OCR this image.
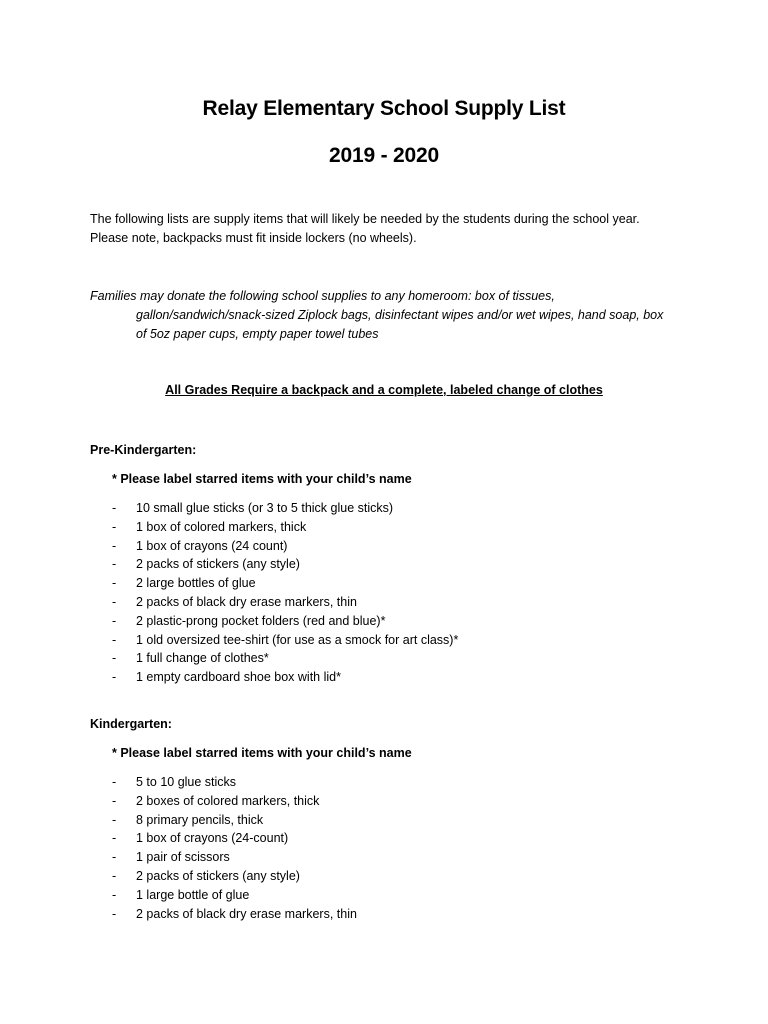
Relay Elementary School Supply List
2019 - 2020
The following lists are supply items that will likely be needed by the students during the school year.
Please note, backpacks must fit inside lockers (no wheels).
Families may donate the following school supplies to any homeroom: box of tissues,
gallon/sandwich/snack-sized Ziplock bags, disinfectant wipes and/or wet wipes, hand soap, box
of 5oz paper cups, empty paper towel tubes
All Grades Require a backpack and a complete, labeled change of clothes
Pre-Kindergarten:
* Please label starred items with your child’s name
-	10 small glue sticks (or 3 to 5 thick glue sticks)
-	1 box of colored markers, thick
-	1 box of crayons (24 count)
-	2 packs of stickers (any style)
-	2 large bottles of glue
-	2 packs of black dry erase markers, thin
-	2 plastic-prong pocket folders (red and blue)*
-	1 old oversized tee-shirt (for use as a smock for art class)*
-	1 full change of clothes*
-	1 empty cardboard shoe box with lid*
Kindergarten:
* Please label starred items with your child’s name
-	5 to 10 glue sticks
-	2 boxes of colored markers, thick
-	8 primary pencils, thick
-	1 box of crayons (24-count)
-	1 pair of scissors
-	2 packs of stickers (any style)
-	1 large bottle of glue
-	2 packs of black dry erase markers, thin
